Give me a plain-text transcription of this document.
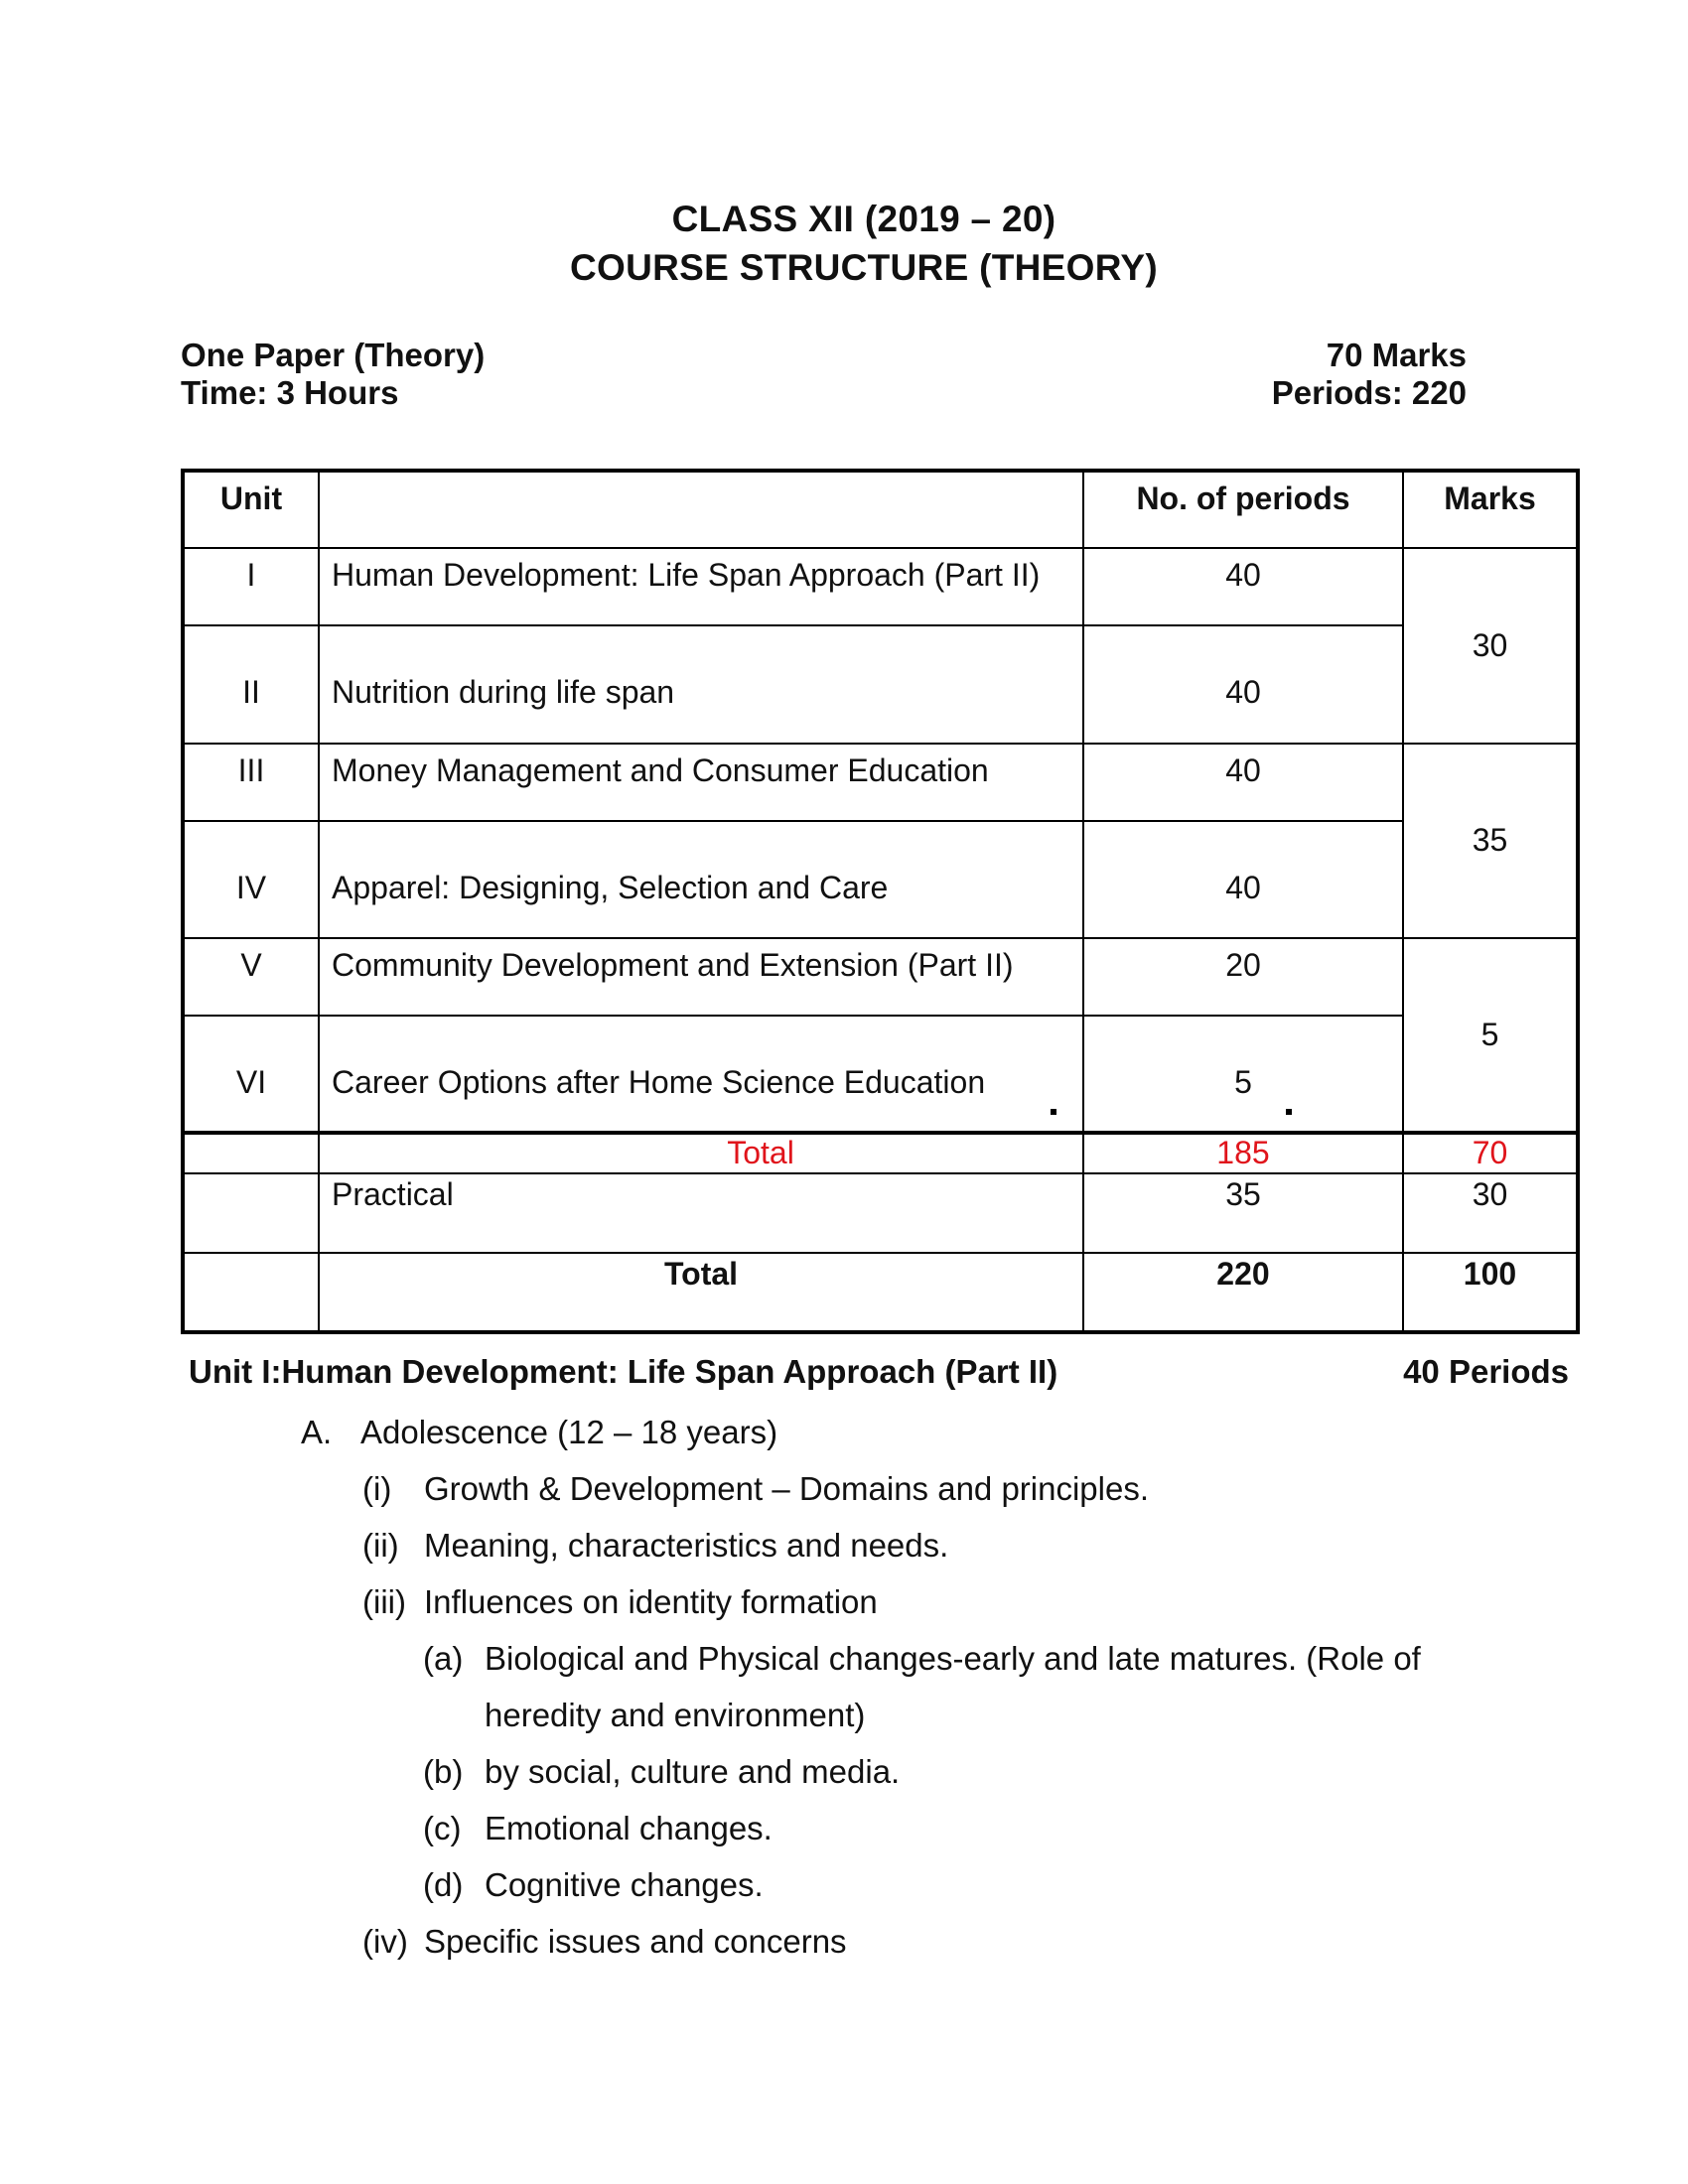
CLASS XII (2019 – 20)
COURSE STRUCTURE (THEORY)
One Paper (Theory)
Time: 3 Hours
70 Marks
Periods: 220
Unit		No. of periods	Marks

I	Human Development: Life Span Approach (Part II)	40	30

II	Nutrition during life span	40	

III	Money Management and Consumer Education	40	35

IV	Apparel: Designing, Selection and Care	40	

V	Community Development and Extension (Part II)	20	5

VI	Career Options after Home Science Education	5	

	Total	185	70

	Practical	35	30

	Total	220	100
Unit I:Human Development: Life Span Approach (Part II)	40 Periods
A. Adolescence (12 – 18 years)
(i) Growth & Development – Domains and principles.
(ii) Meaning, characteristics and needs.
(iii) Influences on identity formation
(a) Biological and Physical changes-early and late matures. (Role of
heredity and environment)
(b) by social, culture and media.
(c) Emotional changes.
(d) Cognitive changes.
(iv) Specific issues and concerns
